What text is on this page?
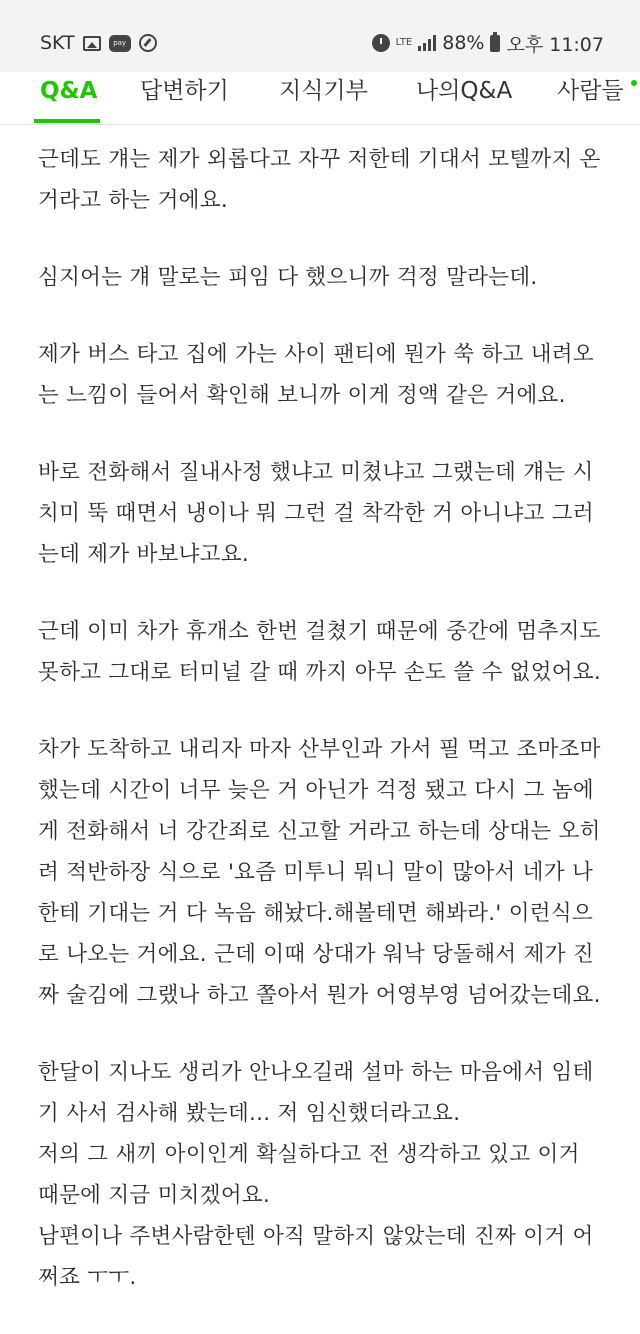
SKT	pay	LTE 88% 오후 11:07
Q&A 답변하기 지식기부 나의Q&A 사람들
근데도 걔는 제가 외롭다고 자꾸 저한테 기대서 모텔까지 온
거라고 하는 거에요.
심지어는 걔 말로는 피임 다 했으니까 걱정 말라는데.
제가 버스 타고 집에 가는 사이 팬티에 뭔가 쑥 하고 내려오
는 느낌이 들어서 확인해 보니까 이게 정액 같은 거에요.
바로 전화해서 질내사정 했냐고 미쳤냐고 그랬는데 걔는 시
치미 뚝 때면서 냉이나 뭐 그런 걸 착각한 거 아니냐고 그러
는데 제가 바보냐고요.
근데 이미 차가 휴개소 한번 걸쳤기 때문에 중간에 멈추지도
못하고 그대로 터미널 갈 때 까지 아무 손도 쓸 수 없었어요.
차가 도착하고 내리자 마자 산부인과 가서 필 먹고 조마조마
했는데 시간이 너무 늦은 거 아닌가 걱정 됐고 다시 그 놈에
게 전화해서 너 강간죄로 신고할 거라고 하는데 상대는 오히
려 적반하장 식으로 '요즘 미투니 뭐니 말이 많아서 네가 나
한테 기대는 거 다 녹음 해놨다.해볼테면 해봐라.' 이런식으
로 나오는 거에요. 근데 이때 상대가 워낙 당돌해서 제가 진
짜 술김에 그랬나 하고 쫄아서 뭔가 어영부영 넘어갔는데요.
한달이 지나도 생리가 안나오길래 설마 하는 마음에서 임테
기 사서 검사해 봤는데... 저 임신했더라고요.
저의 그 새끼 아이인게 확실하다고 전 생각하고 있고 이거
때문에 지금 미치겠어요.
남편이나 주변사람한텐 아직 말하지 않았는데 진짜 이거 어
쩌죠 ㅜㅜ.
